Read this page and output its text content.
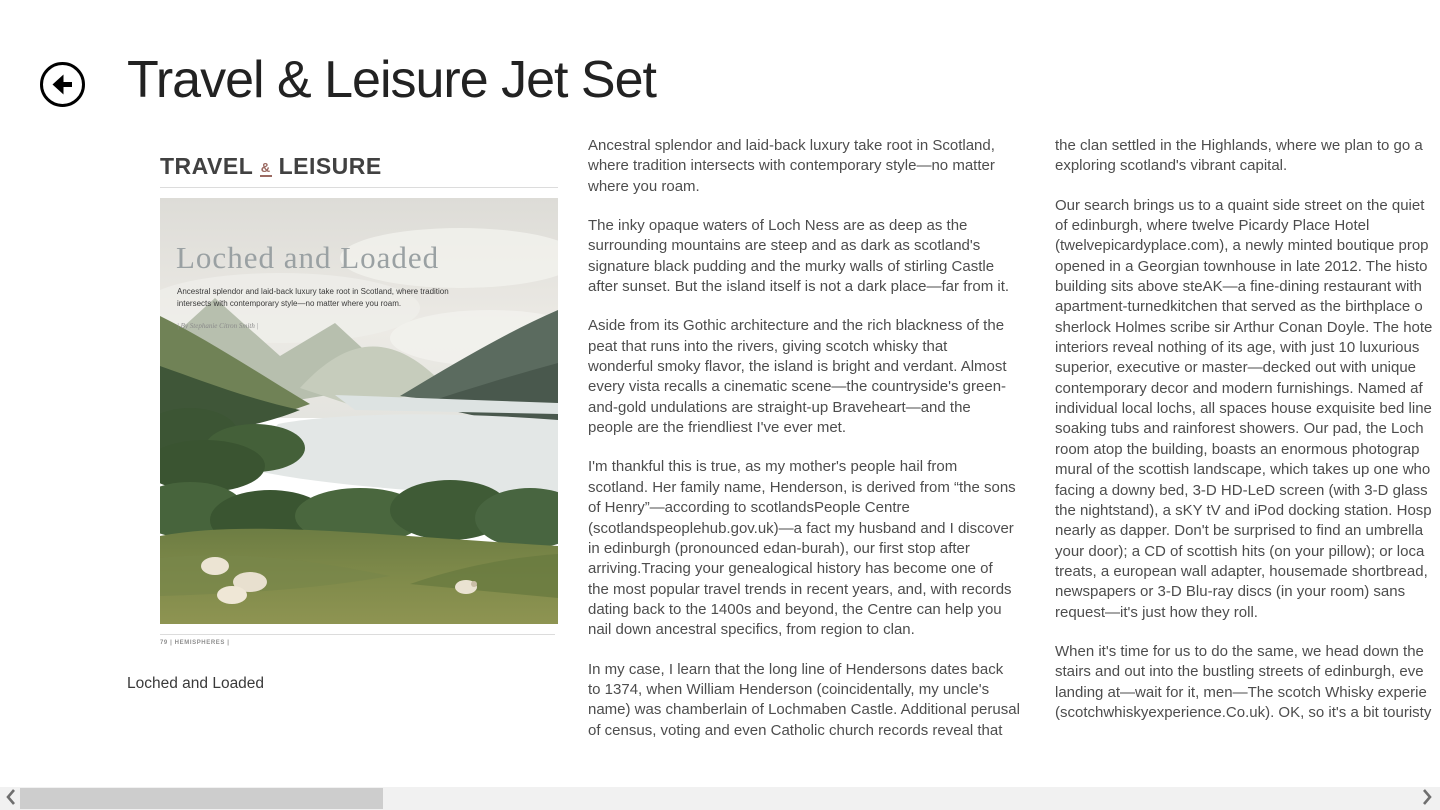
Travel & Leisure Jet Set
TRAVEL & LEISURE
Loched and Loaded
Ancestral splendor and laid-back luxury take root in Scotland, where tradition
intersects with contemporary style—no matter where you roam.
| By Stephanie Citron Smith |
79 | HEMISPHERES |
Loched and Loaded
Ancestral splendor and laid-back luxury take root in Scotland,
where tradition intersects with contemporary style—no matter
where you roam.
The inky opaque waters of Loch Ness are as deep as the
surrounding mountains are steep and as dark as scotland's
signature black pudding and the murky walls of stirling Castle
after sunset. But the island itself is not a dark place—far from it.
Aside from its Gothic architecture and the rich blackness of the
peat that runs into the rivers, giving scotch whisky that
wonderful smoky flavor, the island is bright and verdant. Almost
every vista recalls a cinematic scene—the countryside's green-
and-gold undulations are straight-up Braveheart—and the
people are the friendliest I've ever met.
I'm thankful this is true, as my mother's people hail from
scotland. Her family name, Henderson, is derived from “the sons
of Henry”—according to scotlandsPeople Centre
(scotlandspeoplehub.gov.uk)—a fact my husband and I discover
in edinburgh (pronounced edan-burah), our first stop after
arriving.Tracing your genealogical history has become one of
the most popular travel trends in recent years, and, with records
dating back to the 1400s and beyond, the Centre can help you
nail down ancestral specifics, from region to clan.
In my case, I learn that the long line of Hendersons dates back
to 1374, when William Henderson (coincidentally, my uncle's
name) was chamberlain of Lochmaben Castle. Additional perusal
of census, voting and even Catholic church records reveal that
the clan settled in the Highlands, where we plan to go a
exploring scotland's vibrant capital.
Our search brings us to a quaint side street on the quiet
of edinburgh, where twelve Picardy Place Hotel
(twelvepicardyplace.com), a newly minted boutique prop
opened in a Georgian townhouse in late 2012. The histo
building sits above steAK—a fine-dining restaurant with
apartment-turnedkitchen that served as the birthplace o
sherlock Holmes scribe sir Arthur Conan Doyle. The hote
interiors reveal nothing of its age, with just 10 luxurious
superior, executive or master—decked out with unique
contemporary decor and modern furnishings. Named af
individual local lochs, all spaces house exquisite bed line
soaking tubs and rainforest showers. Our pad, the Loch
room atop the building, boasts an enormous photograp
mural of the scottish landscape, which takes up one who
facing a downy bed, 3-D HD-LeD screen (with 3-D glass
the nightstand), a sKY tV and iPod docking station. Hosp
nearly as dapper. Don't be surprised to find an umbrella
your door); a CD of scottish hits (on your pillow); or loca
treats, a european wall adapter, housemade shortbread,
newspapers or 3-D Blu-ray discs (in your room) sans
request—it's just how they roll.
When it's time for us to do the same, we head down the
stairs and out into the bustling streets of edinburgh, eve
landing at—wait for it, men—The scotch Whisky experie
(scotchwhiskyexperience.Co.uk). OK, so it's a bit touristy
